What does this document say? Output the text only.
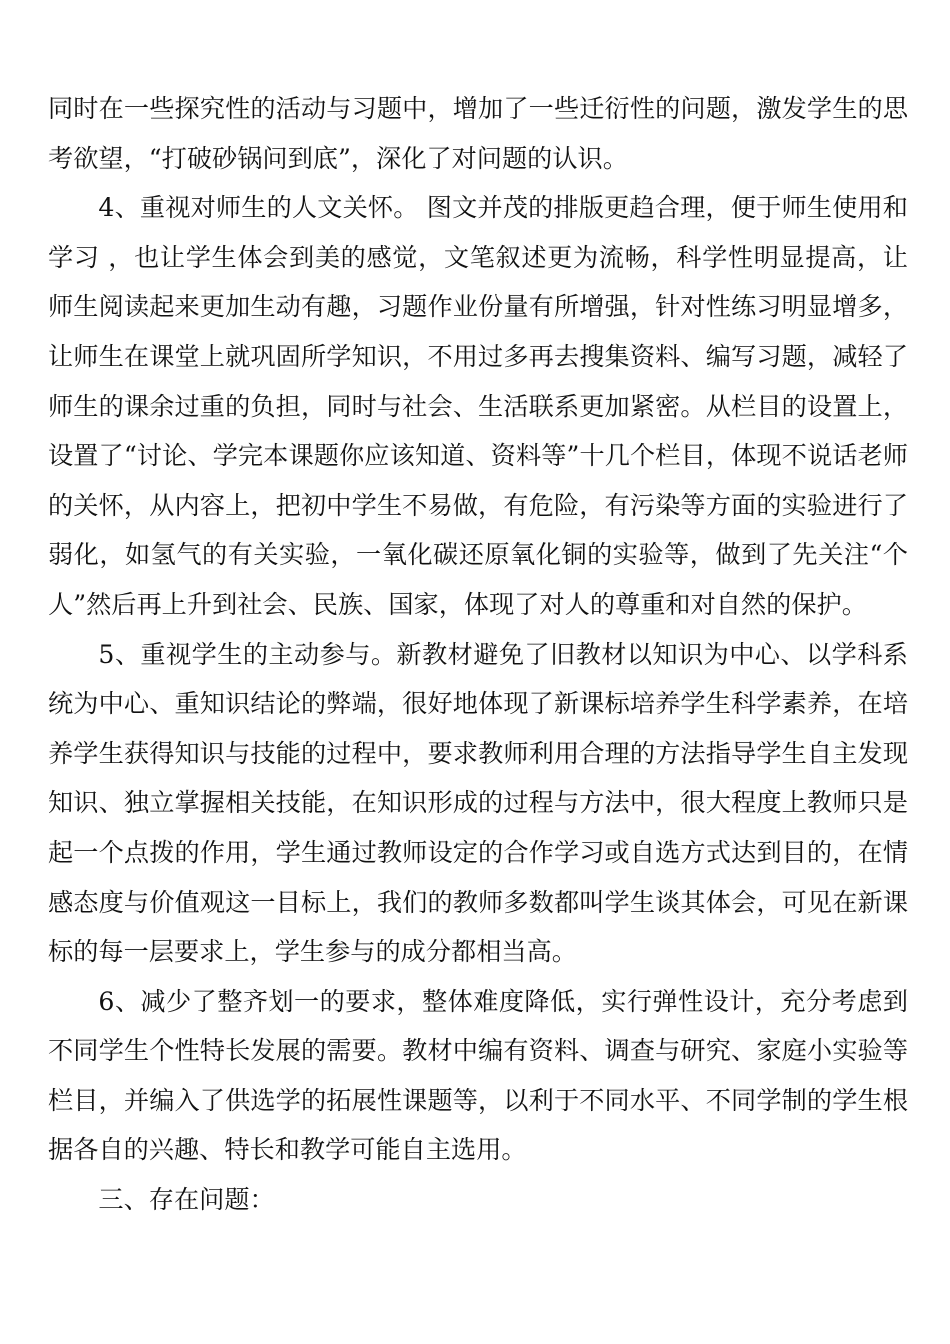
同时在一些探究性的活动与习题中，增加了一些迁衍性的问题，激发学生的思考欲望，“打破砂锅问到底”，深化了对问题的认识。

4、重视对师生的人文关怀。 图文并茂的排版更趋合理，便于师生使用和学习 ，也让学生体会到美的感觉，文笔叙述更为流畅，科学性明显提高，让师生阅读起来更加生动有趣，习题作业份量有所增强，针对性练习明显增多，让师生在课堂上就巩固所学知识，不用过多再去搜集资料、编写习题，减轻了师生的课余过重的负担，同时与社会、生活联系更加紧密。从栏目的设置上，设置了“讨论、学完本课题你应该知道、资料等”十几个栏目，体现不说话老师的关怀，从内容上，把初中学生不易做，有危险，有污染等方面的实验进行了弱化，如氢气的有关实验，一氧化碳还原氧化铜的实验等，做到了先关注“个人”然后再上升到社会、民族、国家，体现了对人的尊重和对自然的保护。

5、重视学生的主动参与。新教材避免了旧教材以知识为中心、以学科系统为中心、重知识结论的弊端，很好地体现了新课标培养学生科学素养，在培养学生获得知识与技能的过程中，要求教师利用合理的方法指导学生自主发现知识、独立掌握相关技能，在知识形成的过程与方法中，很大程度上教师只是起一个点拨的作用，学生通过教师设定的合作学习或自选方式达到目的，在情感态度与价值观这一目标上，我们的教师多数都叫学生谈其体会，可见在新课标的每一层要求上，学生参与的成分都相当高。

6、减少了整齐划一的要求，整体难度降低，实行弹性设计，充分考虑到不同学生个性特长发展的需要。教材中编有资料、调查与研究、家庭小实验等栏目，并编入了供选学的拓展性课题等，以利于不同水平、不同学制的学生根据各自的兴趣、特长和教学可能自主选用。

三、存在问题：
